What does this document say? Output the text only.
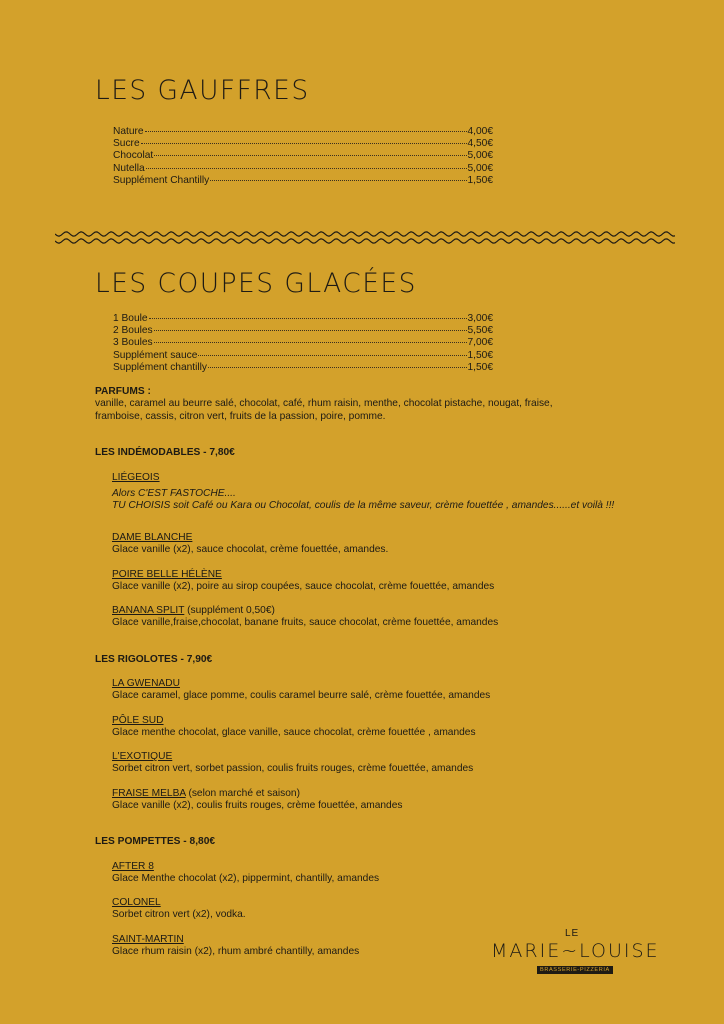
LES GAUFFRES
Nature	4,00€
Sucre	4,50€
Chocolat	5,00€
Nutella	5,00€
Supplément Chantilly	1,50€
LES COUPES GLACÉES
1 Boule	3,00€
2 Boules	5,50€
3 Boules	7,00€
Supplément sauce	1,50€
Supplément chantilly	1,50€
PARFUMS :
vanille, caramel au beurre salé, chocolat, café, rhum raisin, menthe, chocolat pistache, nougat, fraise,
framboise, cassis, citron vert, fruits de la passion, poire, pomme.
LES INDÉMODABLES - 7,80€
LIÉGEOIS
Alors C'EST FASTOCHE....
TU CHOISIS soit Café ou Kara ou Chocolat, coulis de la même saveur, crème fouettée , amandes......et voilà !!!
DAME BLANCHE
Glace vanille (x2), sauce chocolat, crème fouettée, amandes.
POIRE BELLE HÉLÈNE
Glace vanille (x2), poire au sirop coupées, sauce chocolat, crème fouettée, amandes
BANANA SPLIT (supplément 0,50€)
Glace vanille,fraise,chocolat, banane fruits, sauce chocolat, crème fouettée, amandes
LES RIGOLOTES - 7,90€
LA GWENADU
Glace caramel, glace pomme, coulis caramel beurre salé, crème fouettée, amandes
PÔLE SUD
Glace menthe chocolat, glace vanille, sauce chocolat, crème fouettée , amandes
L'EXOTIQUE
Sorbet citron vert, sorbet passion, coulis fruits rouges, crème fouettée, amandes
FRAISE MELBA (selon marché et saison)
Glace vanille (x2), coulis fruits rouges, crème fouettée, amandes
LES POMPETTES - 8,80€
AFTER 8
Glace Menthe chocolat (x2), pippermint, chantilly, amandes
COLONEL
Sorbet citron vert (x2), vodka.
SAINT-MARTIN
Glace rhum raisin (x2), rhum ambré chantilly, amandes
LE
MARIE~LOUISE
BRASSERIE-PIZZERIA
